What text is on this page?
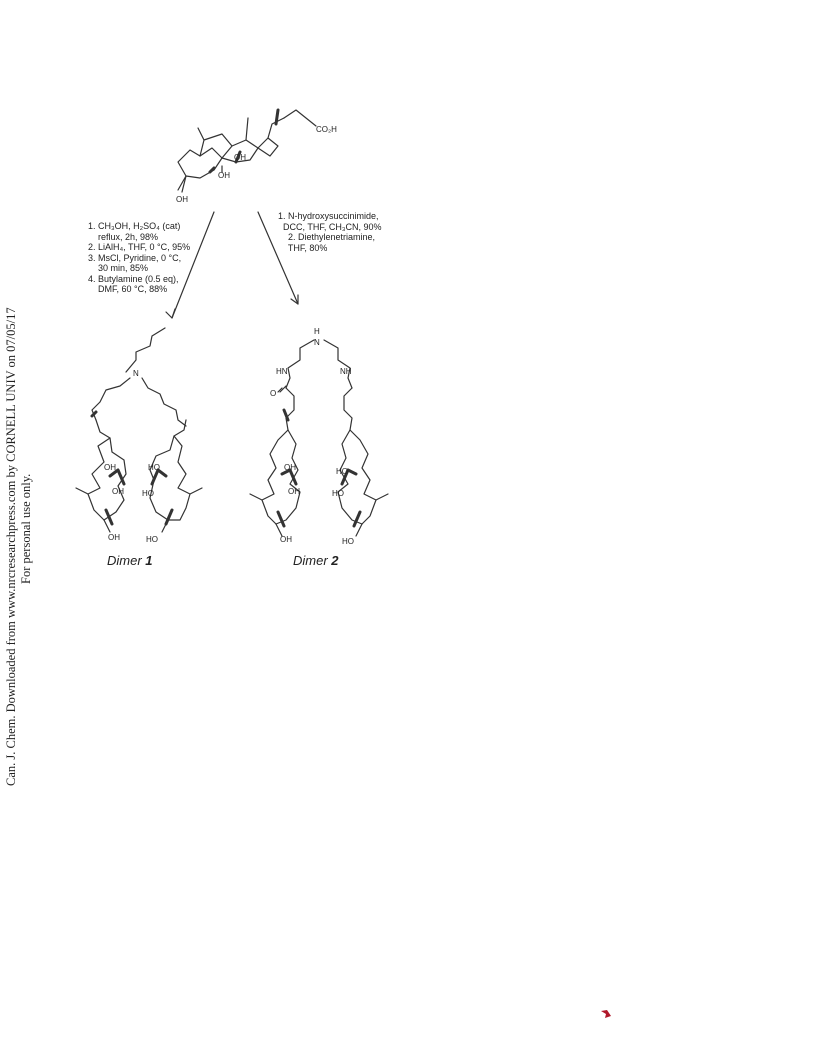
Can. J. Chem. Downloaded from www.nrcresearchpress.com by CORNELL UNIV on 07/05/17 For personal use only.
OH
OH
OH
CO₂H
N
OH
OH
OH
HO
HO
HO
H
N
HN	NH
O
OH
OH
OH
HO
HO
HO
1. CH₃OH, H₂SO₄ (cat)
reflux, 2h, 98%
2. LiAlH₄, THF, 0 °C, 95%
3. MsCl, Pyridine, 0 °C,
30 min, 85%
4. Butylamine (0.5 eq),
DMF, 60 °C, 88%
1. N-hydroxysuccinimide,
DCC, THF, CH₃CN, 90%
2. Diethylenetriamine,
THF, 80%
Dimer 1	Dimer 2
